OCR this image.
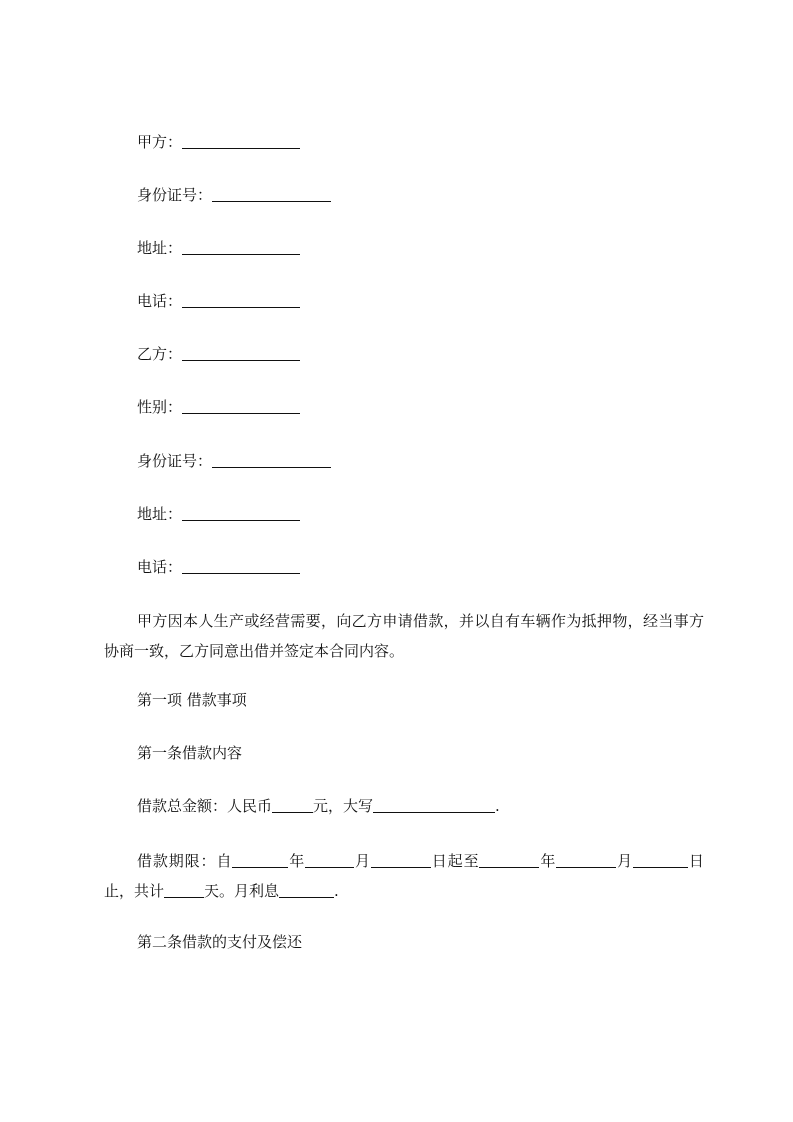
甲方：
身份证号：
地址：
电话：
乙方：
性别：
身份证号：
地址：
电话：
甲方因本人生产或经营需要，向乙方申请借款，并以自有车辆作为抵押物，经当事方协商一致，乙方同意出借并签定本合同内容。
第一项 借款事项
第一条借款内容
借款总金额：人民币	元，大写	.
借款期限：自	年	月	日起至	年	月	日止，共计	天。月利息	.
第二条借款的支付及偿还
